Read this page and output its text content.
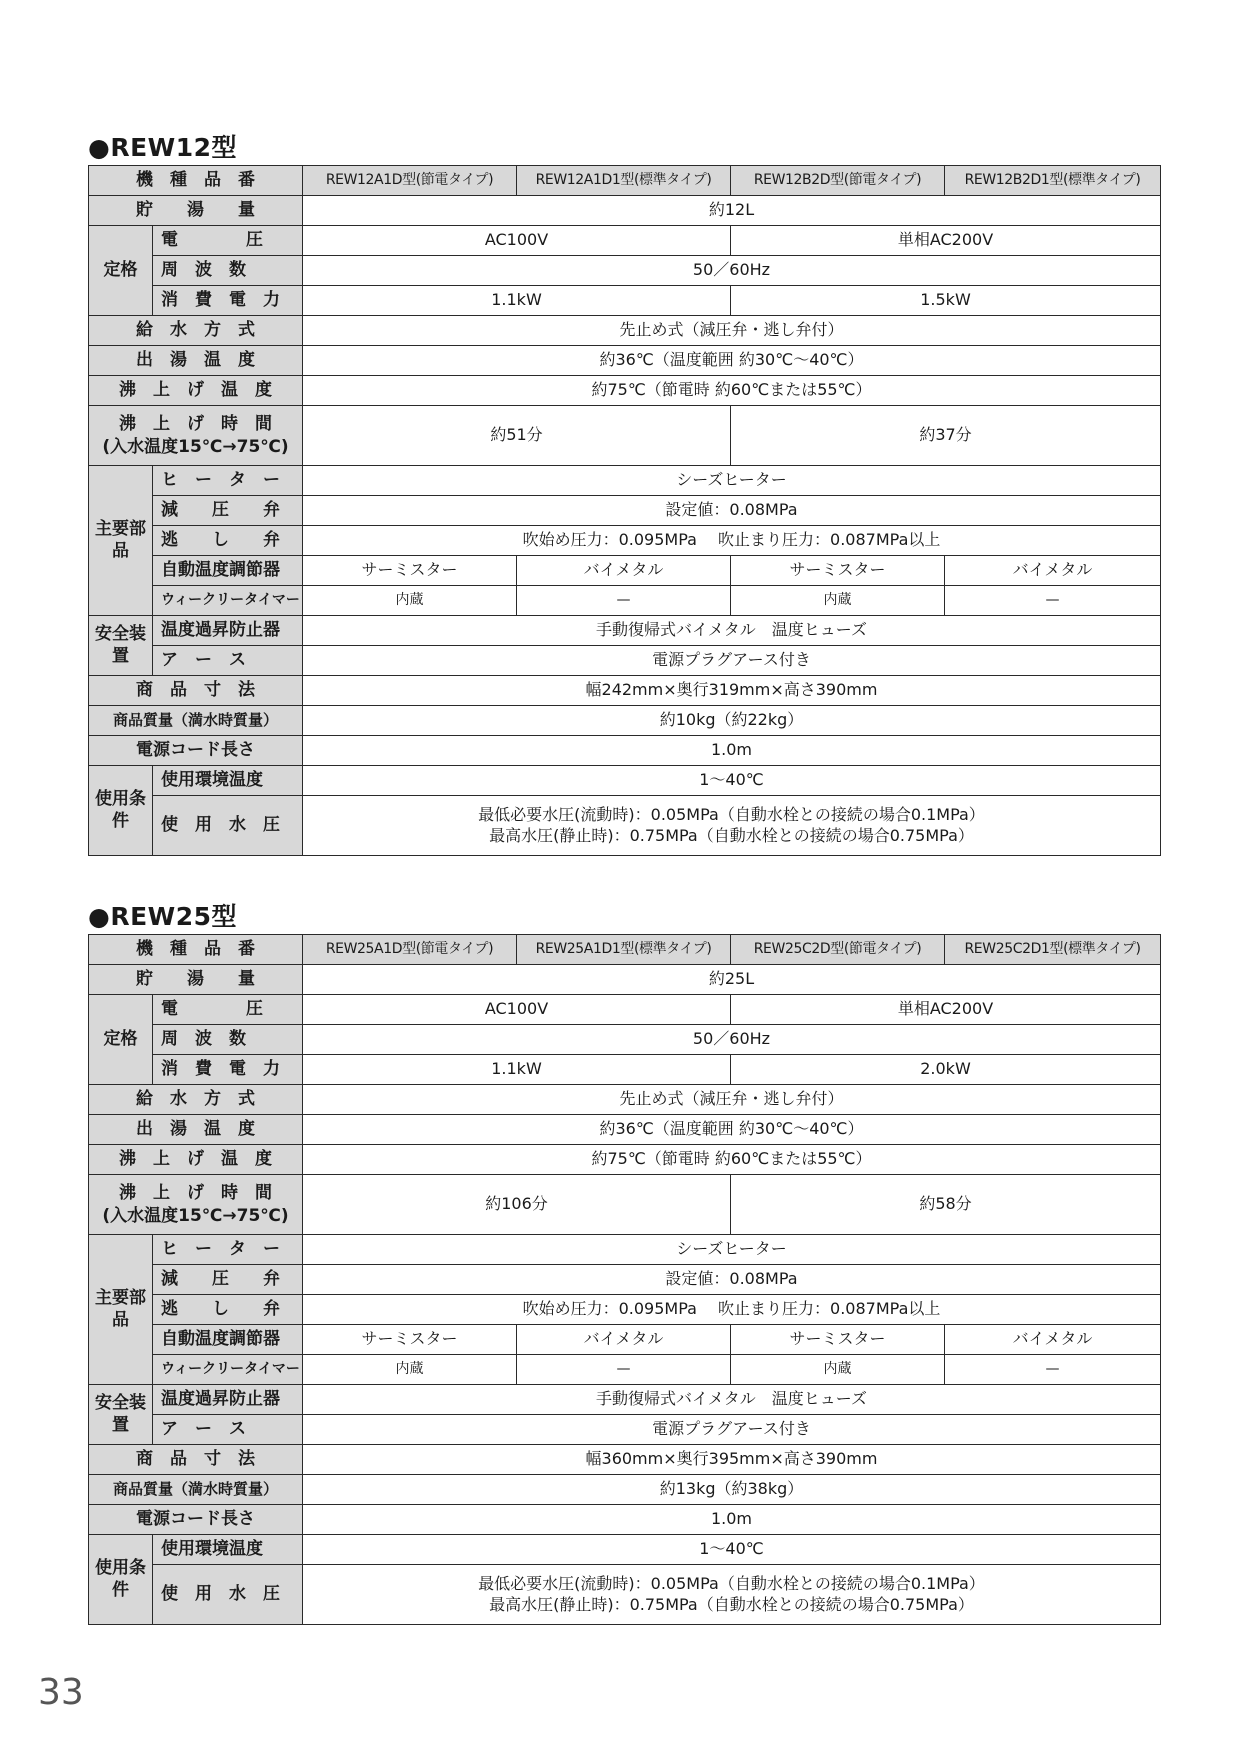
●REW12型
機　種　品　番		REW12A1D型(節電タイプ)	REW12A1D1型(標準タイプ)	REW12B2D型(節電タイプ)	REW12B2D1型(標準タイプ)
貯　　湯　　量		約12L			
定格	電　　　　圧	AC100V		単相AC200V	
	周　波　数	50／60Hz			
	消　費　電　力	1.1kW		1.5kW	
給　水　方　式		先止め式（減圧弁・逃し弁付）			
出　湯　温　度		約36℃（温度範囲 約30℃〜40℃）			
沸　上　げ　温　度		約75℃（節電時 約60℃または55℃）			

沸　上　げ　時　間
(入水温度15℃→75℃)		約51分		約37分	
主要部品	ヒ　ー　タ　ー	シーズヒーター			
	減　　圧　　弁	設定値：0.08MPa			
	逃　　し　　弁	吹始め圧力：0.095MPa　 吹止まり圧力：0.087MPa以上			
	自動温度調節器	サーミスター	バイメタル	サーミスター	バイメタル
	ウィークリータイマー	内蔵	—	内蔵	—
安全装置	温度過昇防止器	手動復帰式バイメタル　温度ヒューズ			
	ア　ー　ス	電源プラグアース付き			
商　品　寸　法		幅242mm×奥行319mm×高さ390mm			
商品質量（満水時質量）		約10kg（約22kg）			
電源コード長さ		1.0m			
使用条件	使用環境温度	1〜40℃			
	使　用　水　圧	最低必要水圧(流動時)：0.05MPa（自動水栓との接続の場合0.1MPa）
最高水圧(静止時)：0.75MPa（自動水栓との接続の場合0.75MPa）			
●REW25型
機　種　品　番		REW25A1D型(節電タイプ)	REW25A1D1型(標準タイプ)	REW25C2D型(節電タイプ)	REW25C2D1型(標準タイプ)
貯　　湯　　量		約25L			
定格	電　　　　圧	AC100V		単相AC200V	
	周　波　数	50／60Hz			
	消　費　電　力	1.1kW		2.0kW	
給　水　方　式		先止め式（減圧弁・逃し弁付）			
出　湯　温　度		約36℃（温度範囲 約30℃〜40℃）			
沸　上　げ　温　度		約75℃（節電時 約60℃または55℃）			

沸　上　げ　時　間
(入水温度15℃→75℃)		約106分		約58分	
主要部品	ヒ　ー　タ　ー	シーズヒーター			
	減　　圧　　弁	設定値：0.08MPa			
	逃　　し　　弁	吹始め圧力：0.095MPa　 吹止まり圧力：0.087MPa以上			
	自動温度調節器	サーミスター	バイメタル	サーミスター	バイメタル
	ウィークリータイマー	内蔵	—	内蔵	—
安全装置	温度過昇防止器	手動復帰式バイメタル　温度ヒューズ			
	ア　ー　ス	電源プラグアース付き			
商　品　寸　法		幅360mm×奥行395mm×高さ390mm			
商品質量（満水時質量）		約13kg（約38kg）			
電源コード長さ		1.0m			
使用条件	使用環境温度	1〜40℃			
	使　用　水　圧	最低必要水圧(流動時)：0.05MPa（自動水栓との接続の場合0.1MPa）
最高水圧(静止時)：0.75MPa（自動水栓との接続の場合0.75MPa）			
33
